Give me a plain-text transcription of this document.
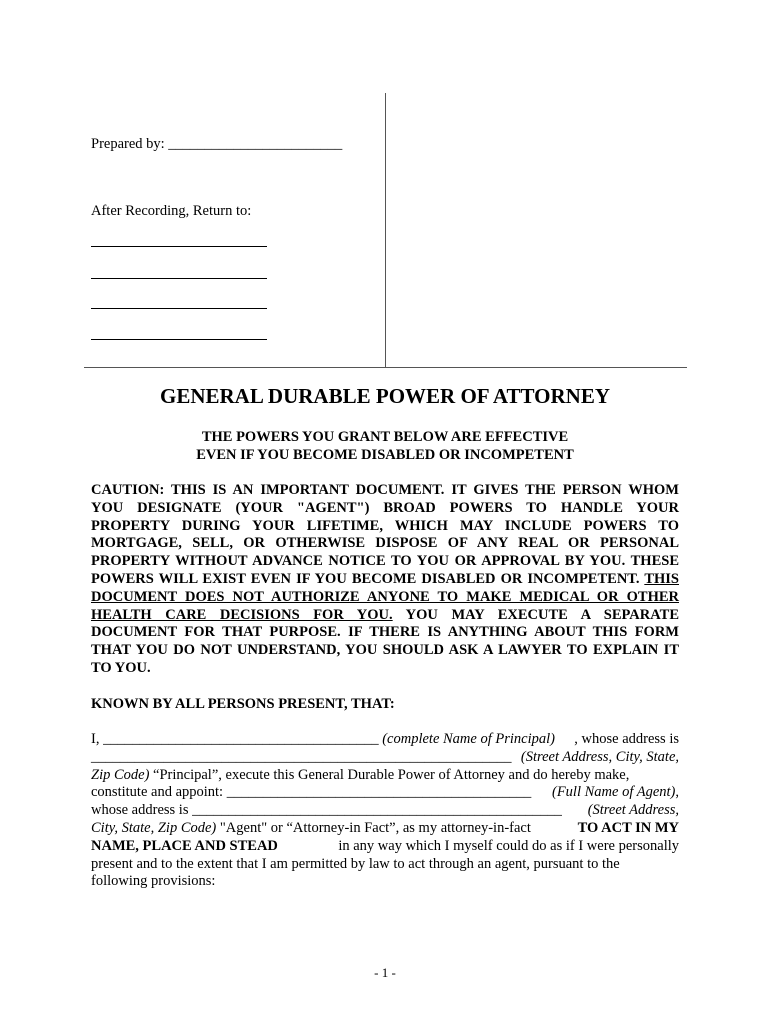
Prepared by: ________________________
After Recording, Return to:
GENERAL DURABLE POWER OF ATTORNEY
THE POWERS YOU GRANT BELOW ARE EFFECTIVE
EVEN IF YOU BECOME DISABLED OR INCOMPETENT
CAUTION: THIS IS AN IMPORTANT DOCUMENT. IT GIVES THE PERSON WHOM YOU DESIGNATE (YOUR "AGENT") BROAD POWERS TO HANDLE YOUR PROPERTY DURING YOUR LIFETIME, WHICH MAY INCLUDE POWERS TO MORTGAGE, SELL, OR OTHERWISE DISPOSE OF ANY REAL OR PERSONAL PROPERTY WITHOUT ADVANCE NOTICE TO YOU OR APPROVAL BY YOU. THESE POWERS WILL EXIST EVEN IF YOU BECOME DISABLED OR INCOMPETENT. THIS DOCUMENT DOES NOT AUTHORIZE ANYONE TO MAKE MEDICAL OR OTHER HEALTH CARE DECISIONS FOR YOU. YOU MAY EXECUTE A SEPARATE DOCUMENT FOR THAT PURPOSE. IF THERE IS ANYTHING ABOUT THIS FORM THAT YOU DO NOT UNDERSTAND, YOU SHOULD ASK A LAWYER TO EXPLAIN IT TO YOU.
KNOWN BY ALL PERSONS PRESENT, THAT:
I, ______________________________________ (complete Name of Principal) , whose address is
__________________________________________________________ (Street Address, City, State,
Zip Code) “Principal”, execute this General Durable Power of Attorney and do hereby make,
constitute and appoint: __________________________________________ (Full Name of Agent),
whose address is ___________________________________________________ (Street Address,
City, State, Zip Code) "Agent" or “Attorney-in Fact”, as my attorney-in-fact	TO ACT IN MY
NAME, PLACE AND STEAD	in any way which I myself could do as if I were personally
present and to the extent that I am permitted by law to act through an agent, pursuant to the
following provisions:
- 1 -
